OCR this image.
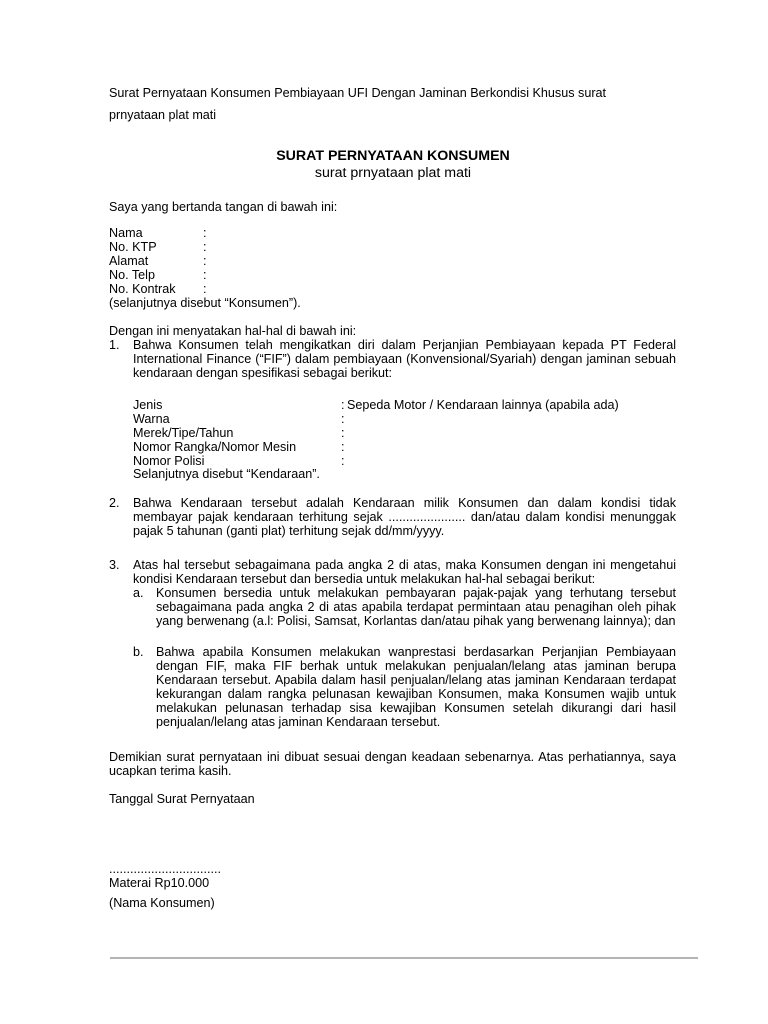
Surat Pernyataan Konsumen Pembiayaan UFI Dengan Jaminan Berkondisi Khusus surat
prnyataan plat mati
SURAT PERNYATAAN KONSUMEN
surat prnyataan plat mati
Saya yang bertanda tangan di bawah ini:
Nama	:
No. KTP	:
Alamat	:
No. Telp	:
No. Kontrak :
(selanjutnya disebut “Konsumen”).
Dengan ini menyatakan hal-hal di bawah ini:
1. Bahwa Konsumen telah mengikatkan diri dalam Perjanjian Pembiayaan kepada PT Federal International Finance (“FIF”) dalam pembiayaan (Konvensional/Syariah) dengan jaminan sebuah kendaraan dengan spesifikasi sebagai berikut:
Jenis	: Sepeda Motor / Kendaraan lainnya (apabila ada)
Warna	:
Merek/Tipe/Tahun	:
Nomor Rangka/Nomor Mesin	:
Nomor Polisi	:
Selanjutnya disebut “Kendaraan”.
2. Bahwa Kendaraan tersebut adalah Kendaraan milik Konsumen dan dalam kondisi tidak membayar pajak kendaraan terhitung sejak ...................... dan/atau dalam kondisi menunggak pajak 5 tahunan (ganti plat) terhitung sejak dd/mm/yyyy.
3. Atas hal tersebut sebagaimana pada angka 2 di atas, maka Konsumen dengan ini mengetahui kondisi Kendaraan tersebut dan bersedia untuk melakukan hal-hal sebagai berikut:
a. Konsumen bersedia untuk melakukan pembayaran pajak-pajak yang terhutang tersebut sebagaimana pada angka 2 di atas apabila terdapat permintaan atau penagihan oleh pihak yang berwenang (a.l: Polisi, Samsat, Korlantas dan/atau pihak yang berwenang lainnya); dan
b. Bahwa apabila Konsumen melakukan wanprestasi berdasarkan Perjanjian Pembiayaan dengan FIF, maka FIF berhak untuk melakukan penjualan/lelang atas jaminan berupa Kendaraan tersebut. Apabila dalam hasil penjualan/lelang atas jaminan Kendaraan terdapat kekurangan dalam rangka pelunasan kewajiban Konsumen, maka Konsumen wajib untuk melakukan pelunasan terhadap sisa kewajiban Konsumen setelah dikurangi dari hasil penjualan/lelang atas jaminan Kendaraan tersebut.
Demikian surat pernyataan ini dibuat sesuai dengan keadaan sebenarnya. Atas perhatiannya, saya ucapkan terima kasih.
Tanggal Surat Pernyataan
................................
Materai Rp10.000
(Nama Konsumen)
